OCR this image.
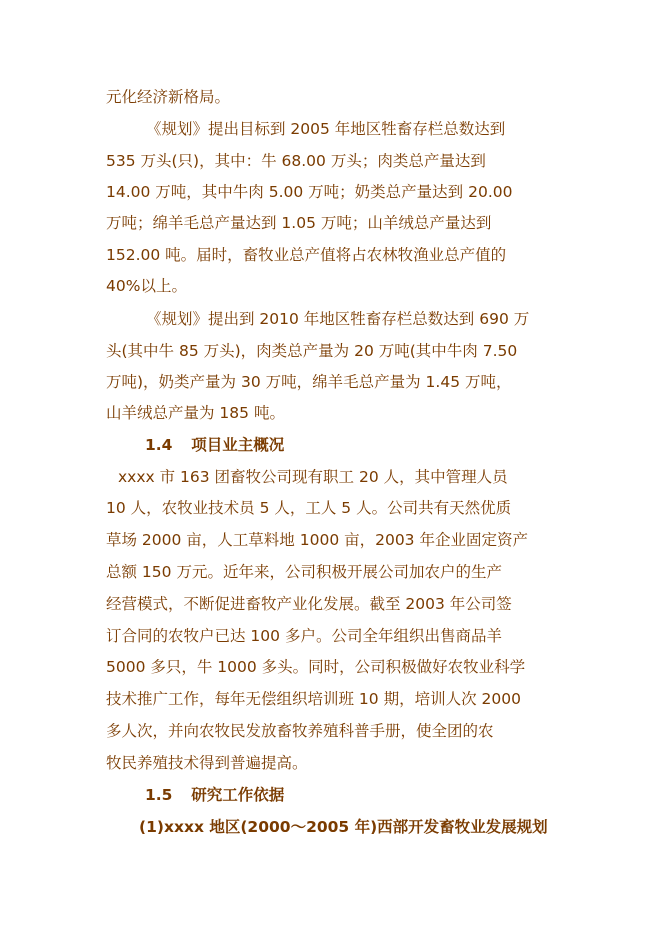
元化经济新格局。
《规划》提出目标到 2005 年地区牲畜存栏总数达到
535 万头(只)，其中：牛 68.00 万头；肉类总产量达到
14.00 万吨，其中牛肉 5.00 万吨；奶类总产量达到 20.00
万吨；绵羊毛总产量达到 1.05 万吨；山羊绒总产量达到
152.00 吨。届时，畜牧业总产值将占农林牧渔业总产值的
40%以上。
《规划》提出到 2010 年地区牲畜存栏总数达到 690 万
头(其中牛 85 万头)，肉类总产量为 20 万吨(其中牛肉 7.50
万吨)，奶类产量为 30 万吨，绵羊毛总产量为 1.45 万吨，
山羊绒总产量为 185 吨。
1.4 项目业主概况
xxxx 市 163 团畜牧公司现有职工 20 人，其中管理人员
10 人，农牧业技术员 5 人，工人 5 人。公司共有天然优质
草场 2000 亩，人工草料地 1000 亩，2003 年企业固定资产
总额 150 万元。近年来，公司积极开展公司加农户的生产
经营模式，不断促进畜牧产业化发展。截至 2003 年公司签
订合同的农牧户已达 100 多户。公司全年组织出售商品羊
5000 多只，牛 1000 多头。同时，公司积极做好农牧业科学
技术推广工作，每年无偿组织培训班 10 期，培训人次 2000
多人次，并向农牧民发放畜牧养殖科普手册，使全团的农
牧民养殖技术得到普遍提高。
1.5 研究工作依据
(1)xxxx 地区(2000～2005 年)西部开发畜牧业发展规划
